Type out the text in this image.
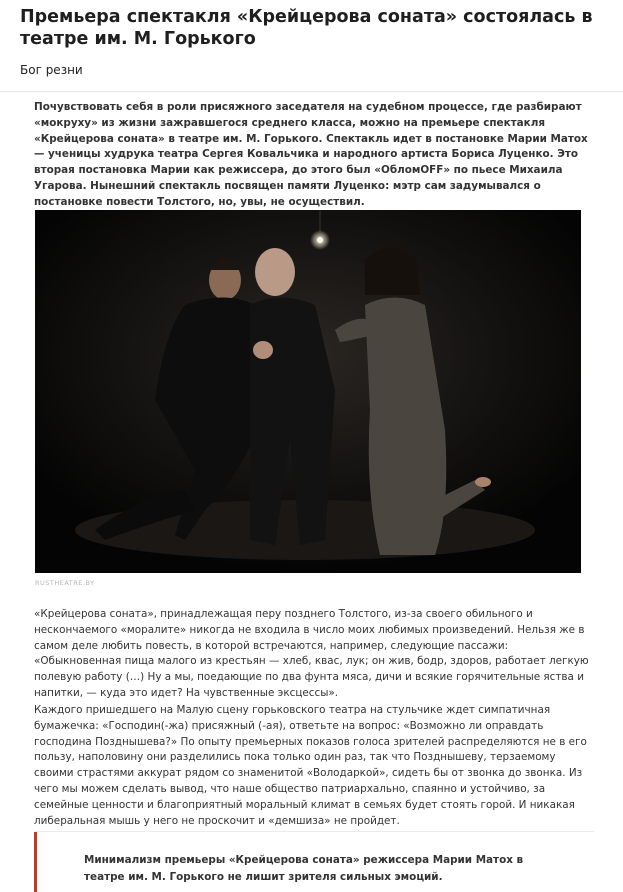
Премьера спектакля «Крейцерова соната» состоялась в театре им. М. Горького
Бог резни

Почувствовать себя в роли присяжного заседателя на судебном процессе, где разбирают «мокруху» из жизни зажравшегося среднего класса, можно на премьере спектакля «Крейцерова соната» в театре им. М. Горького. Спектакль идет в постановке Марии Матох — ученицы худрука театра Сергея Ковальчика и народного артиста Бориса Луценко. Это вторая постановка Марии как режиссера, до этого был «ОбломOFF» по пьесе Михаила Угарова. Нынешний спектакль посвящен памяти Луценко: мэтр сам задумывался о постановке повести Толстого, но, увы, не осуществил.

RUSTHEATRE.BY

«Крейцерова соната», принадлежащая перу позднего Толстого, из-за своего обильного и нескончаемого «моралите» никогда не входила в число моих любимых произведений. Нельзя же в самом деле любить повесть, в которой встречаются, например, следующие пассажи: «Обыкновенная пища малого из крестьян — хлеб, квас, лук; он жив, бодр, здоров, работает легкую полевую работу (…) Ну а мы, поедающие по два фунта мяса, дичи и всякие горячительные яства и напитки, — куда это идет? На чувственные эксцессы».

Каждого пришедшего на Малую сцену горьковского театра на стульчике ждет симпатичная бумажечка: «Господин(-жа) присяжный (-ая), ответьте на вопрос: «Возможно ли оправдать господина Позднышева?» По опыту премьерных показов голоса зрителей распределяются не в его пользу, наполовину они разделились пока только один раз, так что Позднышеву, терзаемому своими страстями аккурат рядом со знаменитой «Володаркой», сидеть бы от звонка до звонка. Из чего мы можем сделать вывод, что наше общество патриархально, спаянно и устойчиво, за семейные ценности и благоприятный моральный климат в семьях будет стоять горой. И никакая либеральная мышь у него не проскочит и «демшиза» не пройдет.

Минимализм премьеры «Крейцерова соната» режиссера Марии Матох в театре им. М. Горького не лишит зрителя сильных эмоций.
